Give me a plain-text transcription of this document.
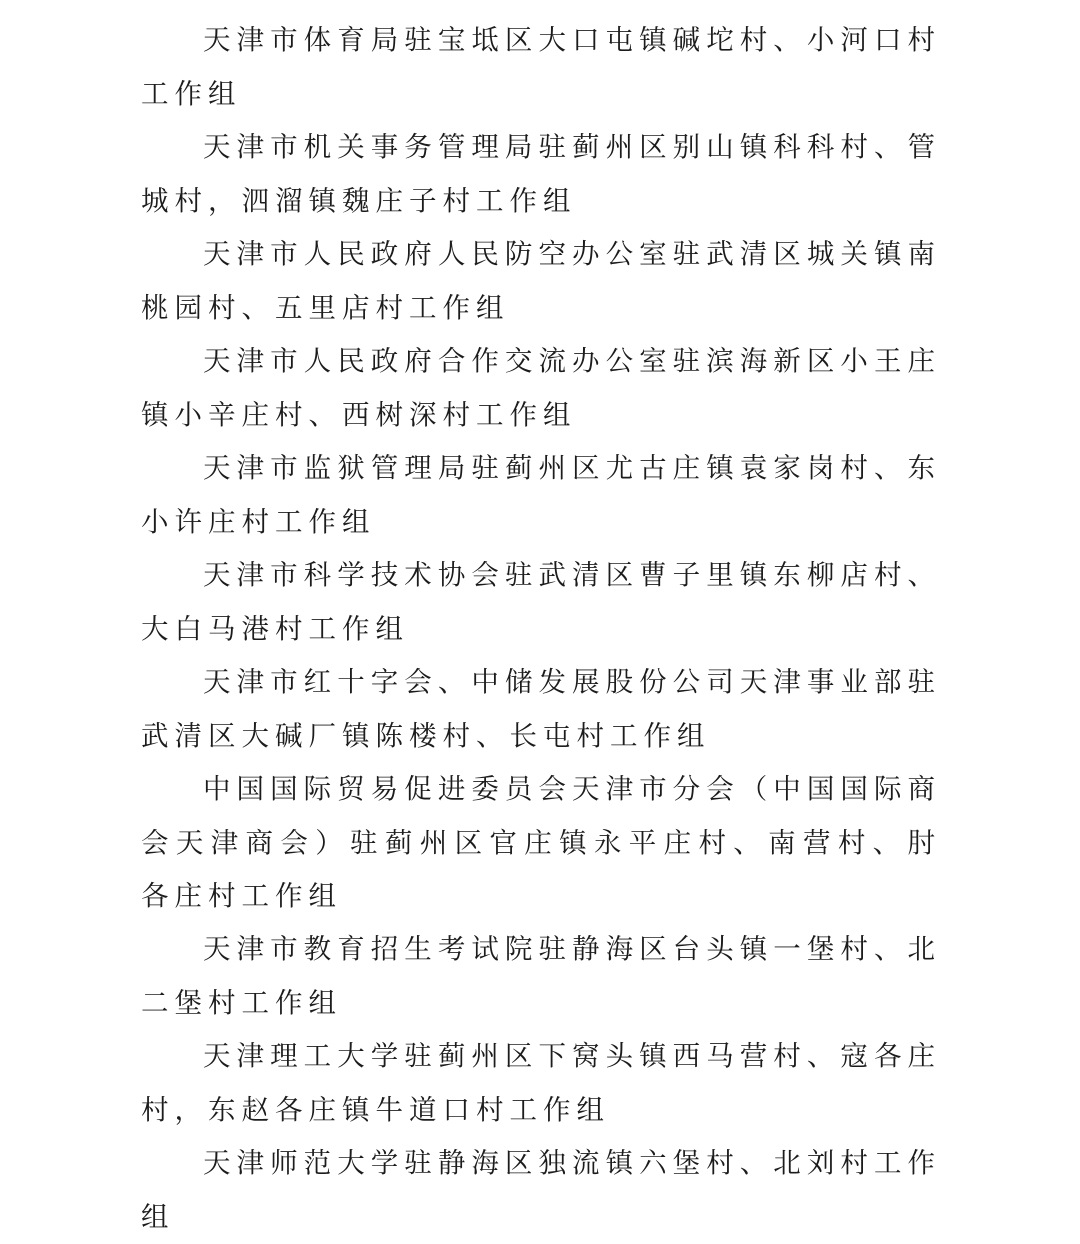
天津市体育局驻宝坻区大口屯镇碱坨村、小河口村工作组

天津市机关事务管理局驻蓟州区别山镇科科村、管城村，泗溜镇魏庄子村工作组

天津市人民政府人民防空办公室驻武清区城关镇南桃园村、五里店村工作组

天津市人民政府合作交流办公室驻滨海新区小王庄镇小辛庄村、西树深村工作组

天津市监狱管理局驻蓟州区尤古庄镇袁家岗村、东小许庄村工作组

天津市科学技术协会驻武清区曹子里镇东柳店村、大白马港村工作组

天津市红十字会、中储发展股份公司天津事业部驻武清区大碱厂镇陈楼村、长屯村工作组

中国国际贸易促进委员会天津市分会（中国国际商会天津商会）驻蓟州区官庄镇永平庄村、南营村、肘各庄村工作组

天津市教育招生考试院驻静海区台头镇一堡村、北二堡村工作组

天津理工大学驻蓟州区下窝头镇西马营村、寇各庄村，东赵各庄镇牛道口村工作组

天津师范大学驻静海区独流镇六堡村、北刘村工作组
